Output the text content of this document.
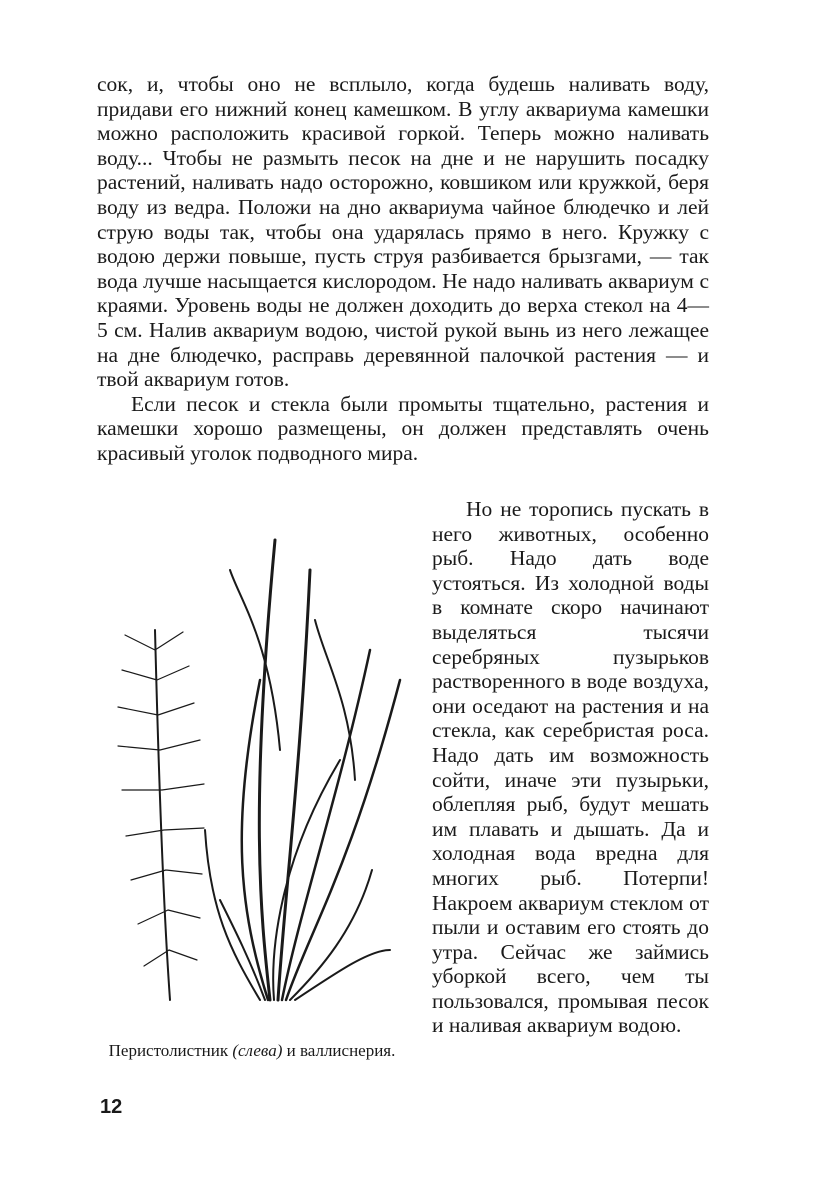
сок, и, чтобы оно не всплыло, когда будешь наливать воду, придави его нижний конец камешком. В углу аквариума камешки можно расположить красивой горкой. Теперь можно наливать воду... Чтобы не размыть песок на дне и не нарушить посадку растений, наливать надо осторожно, ковшиком или кружкой, беря воду из ведра. Положи на дно аквариума чайное блюдечко и лей струю воды так, чтобы она ударялась прямо в него. Кружку с водою держи повыше, пусть струя разбивается брызгами, — так вода лучше насыщается кислородом. Не надо наливать аквариум с краями. Уровень воды не должен доходить до верха стекол на 4—5 см. Налив аквариум водою, чистой рукой вынь из него лежащее на дне блюдечко, расправь деревянной палочкой растения — и твой аквариум готов.

Если песок и стекла были промыты тщательно, растения и камешки хорошо размещены, он должен представлять очень красивый уголок подводного мира.

Но не торопись пускать в него животных, особенно рыб. Надо дать воде устояться. Из холодной воды в комнате скоро начинают выделяться тысячи серебряных пузырьков растворенного в воде воздуха, они оседают на растения и на стекла, как серебристая роса. Надо дать им возможность сойти, иначе эти пузырьки, облепляя рыб, будут мешать им плавать и дышать. Да и холодная вода вредна для многих рыб. Потерпи! Накроем аквариум стеклом от пыли и оставим его стоять до утра. Сейчас же займись уборкой всего, чем ты пользовался, промывая песок и наливая аквариум водою.

Перистолистник (слева) и валлиснерия.
12
